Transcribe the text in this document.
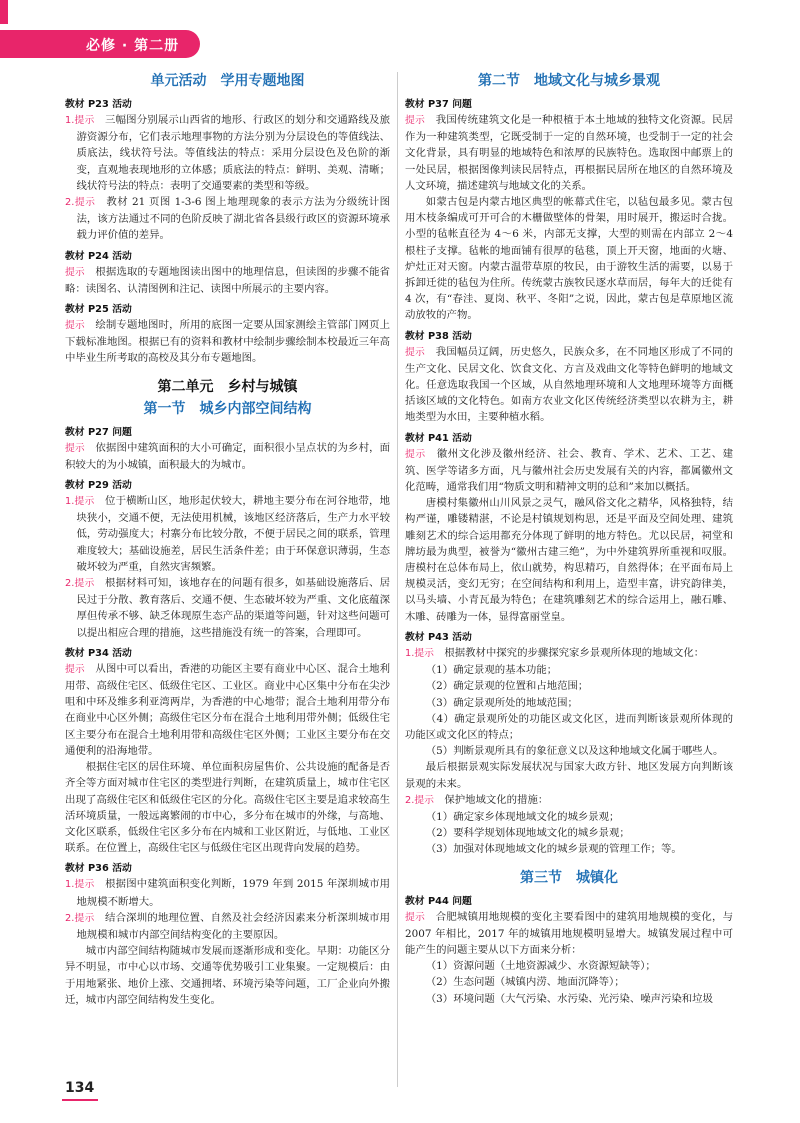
必修 · 第二册
单元活动　学用专题地图
教材 P23 活动

1.提示　 三幅图分别展示山西省的地形、行政区的划分和交通路线及旅游资源分布，它们表示地理事物的方法分别为分层设色的等值线法、质底法，线状符号法。等值线法的特点：采用分层设色及色阶的渐变，直观地表现地形的立体感；质底法的特点：鲜明、美观、清晰；线状符号法的特点：表明了交通要素的类型和等级。

2.提示　 教材 21 页图 1-3-6 图上地理现象的表示方法为分级统计图法，该方法通过不同的色阶反映了湖北省各县级行政区的资源环境承载力评价值的差异。

教材 P24 活动

提示　 根据选取的专题地图读出图中的地理信息，但读图的步骤不能省略：读图名、认清图例和注记、读图中所展示的主要内容。

教材 P25 活动

提示　 绘制专题地图时，所用的底图一定要从国家测绘主管部门网页上下载标准地图。根据已有的资料和教材中绘制步骤绘制本校最近三年高中毕业生所考取的高校及其分布专题地图。

第二单元　乡村与城镇
第一节　城乡内部空间结构
教材 P27 问题

提示　 依据图中建筑面积的大小可确定，面积很小呈点状的为乡村，面积较大的为小城镇，面积最大的为城市。

教材 P29 活动

1.提示　 位于横断山区，地形起伏较大，耕地主要分布在河谷地带，地块狭小，交通不便，无法使用机械，该地区经济落后，生产力水平较低，劳动强度大；村寨分布比较分散，不便于居民之间的联系，管理难度较大；基础设施差，居民生活条件差；由于环保意识薄弱，生态破坏较为严重，自然灾害频繁。

2.提示　 根据材料可知，该地存在的问题有很多，如基础设施落后、居民过于分散、教育落后、交通不便、生态破坏较为严重、文化底蕴深厚但传承不够、缺乏体现原生态产品的渠道等问题，针对这些问题可以提出相应合理的措施，这些措施没有统一的答案，合理即可。

教材 P34 活动

提示　 从图中可以看出，香港的功能区主要有商业中心区、混合土地利用带、高级住宅区、低级住宅区、工业区。商业中心区集中分布在尖沙咀和中环及维多利亚湾两岸，为香港的中心地带；混合土地利用带分布在商业中心区外侧；高级住宅区分布在混合土地利用带外侧；低级住宅区主要分布在混合土地利用带和高级住宅区外侧；工业区主要分布在交通便利的沿海地带。

根据住宅区的居住环境、单位面积房屋售价、公共设施的配备是否齐全等方面对城市住宅区的类型进行判断，在建筑质量上，城市住宅区出现了高级住宅区和低级住宅区的分化。高级住宅区主要是追求较高生活环境质量，一般远离繁闹的市中心，多分布在城市的外缘，与高地、文化区联系，低级住宅区多分布在内城和工业区附近，与低地、工业区联系。在位置上，高级住宅区与低级住宅区出现背向发展的趋势。

教材 P36 活动

1.提示　 根据图中建筑面积变化判断，1979 年到 2015 年深圳城市用地规模不断增大。

2.提示　 结合深圳的地理位置、自然及社会经济因素来分析深圳城市用地规模和城市内部空间结构变化的主要原因。

城市内部空间结构随城市发展而逐渐形成和变化。早期：功能区分异不明显，市中心以市场、交通等优势吸引工业集聚。一定规模后：由于用地紧张、地价上涨、交通拥堵、环境污染等问题，工厂企业向外搬迁，城市内部空间结构发生变化。

第二节　地域文化与城乡景观
教材 P37 问题

提示　 我国传统建筑文化是一种根植于本土地域的独特文化资源。民居作为一种建筑类型，它既受制于一定的自然环境，也受制于一定的社会文化背景，具有明显的地域特色和浓厚的民族特色。选取图中邮票上的一处民居，根据图像判读民居特点，再根据民居所在地区的自然环境及人文环境，描述建筑与地域文化的关系。

如蒙古包是内蒙古地区典型的帐幕式住宅，以毡包最多见。蒙古包用木枝条编成可开可合的木栅做壁体的骨架，用时展开，搬运时合拢。小型的毡帐直径为 4～6 米，内部无支撑，大型的则需在内部立 2～4 根柱子支撑。毡帐的地面铺有很厚的毡毯，顶上开天窗，地面的火塘、炉灶正对天窗。内蒙古温带草原的牧民，由于游牧生活的需要，以易于拆卸迁徙的毡包为住所。传统蒙古族牧民逐水草而居，每年大的迁徙有 4 次，有“春洼、夏岗、秋平、冬阳”之说，因此，蒙古包是草原地区流动放牧的产物。

教材 P38 活动

提示　 我国幅员辽阔，历史悠久，民族众多，在不同地区形成了不同的生产文化、民居文化、饮食文化、方言及戏曲文化等特色鲜明的地域文化。任意选取我国一个区域，从自然地理环境和人文地理环境等方面概括该区域的文化特色。如南方农业文化区传统经济类型以农耕为主，耕地类型为水田，主要种植水稻。

教材 P41 活动

提示　 徽州文化涉及徽州经济、社会、教育、学术、艺术、工艺、建筑、医学等诸多方面，凡与徽州社会历史发展有关的内容，都属徽州文化范畴，通常我们用“物质文明和精神文明的总和”来加以概括。

唐模村集徽州山川风景之灵气，融风俗文化之精华，风格独特，结构严谨，雕镂精湛，不论是村镇规划构思，还是平面及空间处理、建筑雕刻艺术的综合运用都充分体现了鲜明的地方特色。尤以民居，祠堂和牌坊最为典型，被誉为“徽州古建三绝”，为中外建筑界所重视和叹服。唐模村在总体布局上，依山就势，构思精巧，自然得体；在平面布局上规模灵活，变幻无穷；在空间结构和利用上，造型丰富，讲究韵律美，以马头墙、小青瓦最为特色；在建筑雕刻艺术的综合运用上，融石雕、木雕、砖雕为一体，显得富丽堂皇。

教材 P43 活动

1.提示　 根据教材中探究的步骤探究家乡景观所体现的地域文化：

（1）确定景观的基本功能；

（2）确定景观的位置和占地范围；

（3）确定景观所处的地域范围；

（4）确定景观所处的功能区或文化区，进而判断该景观所体现的功能区或文化区的特点；

（5）判断景观所具有的象征意义以及这种地域文化属于哪些人。

最后根据景观实际发展状况与国家大政方针、地区发展方向判断该景观的未来。

2.提示　 保护地域文化的措施：

（1）确定家乡体现地域文化的城乡景观；

（2）要科学规划体现地域文化的城乡景观；

（3）加强对体现地域文化的城乡景观的管理工作；等。

第三节　城镇化
教材 P44 问题

提示　 合肥城镇用地规模的变化主要看图中的建筑用地规模的变化，与 2007 年相比，2017 年的城镇用地规模明显增大。城镇发展过程中可能产生的问题主要从以下方面来分析：

（1）资源问题（土地资源减少、水资源短缺等）；

（2）生态问题（城镇内涝、地面沉降等）；

（3）环境问题（大气污染、水污染、光污染、噪声污染和垃圾

134
